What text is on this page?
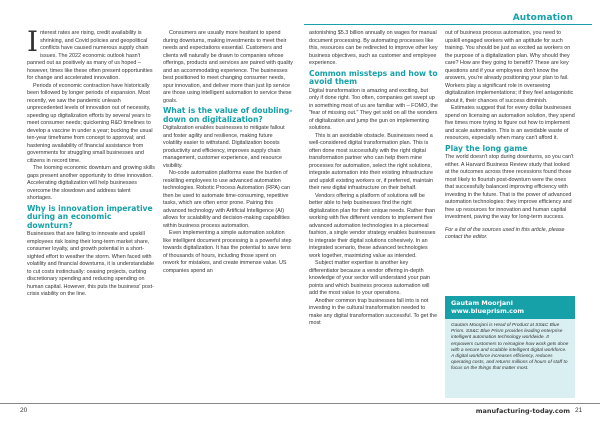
Automation

Interest rates are rising, credit availability is shrinking, and Covid policies and geopolitical conflicts have caused numerous supply chain issues. The 2022 economic outlook hasn't panned out as positively as many of us hoped – however, times like these often present opportunities for change and accelerated innovation.

Periods of economic contraction have historically been followed by longer periods of expansion. Most recently, we saw the pandemic unleash unprecedented levels of innovation out of necessity, speeding up digitalization efforts by several years to meet consumer needs; quickening R&D timelines to develop a vaccine in under a year; bucking the usual ten-year timeframe from concept to approval; and hastening availability of financial assistance from governments for struggling small businesses and citizens in record time.

The looming economic downturn and growing skills gaps present another opportunity to drive innovation. Accelerating digitalization will help businesses overcome the slowdown and address talent shortages.

Why is innovation imperative during an economic downturn?

Businesses that are failing to innovate and upskill employees risk losing their long-term market share, consumer loyalty, and growth potential in a short-sighted effort to weather the storm. When faced with volatility and financial downturns, it is understandable to cut costs instinctually: ceasing projects, curbing discretionary spending and reducing spending on human capital. However, this puts the business' post-crisis viability on the line.

Consumers are usually more hesitant to spend during downturns, making investments to meet their needs and expectations essential. Customers and clients will naturally be drawn to companies whose offerings, products and services are paired with quality and an accommodating experience. The businesses best positioned to meet changing consumer needs, spur innovation, and deliver more than just lip service are those using intelligent automation to service these goals.

What is the value of doubling-down on digitalization?

Digitalization enables businesses to mitigate fallout and foster agility and resilience, making future volatility easier to withstand. Digitalization boosts productivity and efficiency, improves supply chain management, customer experience, and resource visibility.

No-code automation platforms ease the burden of reskilling employees to use advanced automation technologies. Robotic Process Automation (RPA) can then be used to automate time-consuming, repetitive tasks, which are often error prone. Pairing this advanced technology with Artificial Intelligence (AI) allows for scalability and decision-making capabilities within business process automation.

Even implementing a simple automation solution like intelligent document processing is a powerful step towards digitalization. It has the potential to save tens of thousands of hours, including those spent on rework for mistakes, and create immense value. US companies spend an

astonishing $5.3 billion annually on wages for manual document processing. By automating processes like this, resources can be redirected to improve other key business objectives, such as customer and employee experience.

Common missteps and how to avoid them

Digital transformation is amazing and exciting, but only if done right. Too often, companies get swept up in something most of us are familiar with – FOMO, the "fear of missing out." They get sold on all the wonders of digitalization and jump the gun on implementing solutions.

This is an avoidable obstacle. Businesses need a well-considered digital transformation plan. This is often done most successfully with the right digital transformation partner who can help them mine processes for automation, select the right solutions, integrate automation into their existing infrastructure and upskill existing workers or, if preferred, maintain their new digital infrastructure on their behalf.

Vendors offering a platform of solutions will be better able to help businesses find the right digitalization plan for their unique needs. Rather than working with five different vendors to implement five advanced automation technologies in a piecemeal fashion, a single vendor strategy enables businesses to integrate their digital solutions cohesively. In an integrated scenario, these advanced technologies work together, maximizing value as intended.

Subject matter expertise is another key differentiator because a vendor offering in-depth knowledge of your sector will understand your pain points and which business process automation will add the most value to your operations.

Another common trap businesses fall into is not investing in the cultural transformation needed to make any digital transformation successful. To get the most

out of business process automation, you need to upskill engaged workers with an aptitude for such training. You should be just as excited as workers on the purpose of a digitalization plan. Why should they care? How are they going to benefit? These are key questions and if your employees don't know the answers, you're already positioning your plan to fail. Workers play a significant role in overseeing digitalization implementations; if they feel antagonistic about it, their chances of success diminish.

Estimates suggest that for every dollar businesses spend on licensing an automation solution, they spend five times more trying to figure out how to implement and scale automation. This is an avoidable waste of resources, especially when many can't afford it.

Play the long game

The world doesn't stop during downturns, so you can't either. A Harvard Business Review study that looked at the outcomes across three recessions found those most likely to flourish post-downturn were the ones that successfully balanced improving efficiency with investing in the future. That is the power of advanced automation technologies: they improve efficiency and free up resources for innovation and human capital investment, paving the way for long-term success.

For a list of the sources used in this article, please contact the editor.

Gautam Moorjani
www.blueprism.com
Gautam Moorjani is Head of Product at SS&C Blue Prism. SS&C Blue Prism provides leading enterprise intelligent automation technology worldwide. It empowers customers to reimagine how work gets done with a secure and scalable intelligent digital workforce. A digital workforce increases efficiency, reduces operating costs, and returns millions of hours of staff to focus on the things that matter most.
20	manufacturing-today.com 21
